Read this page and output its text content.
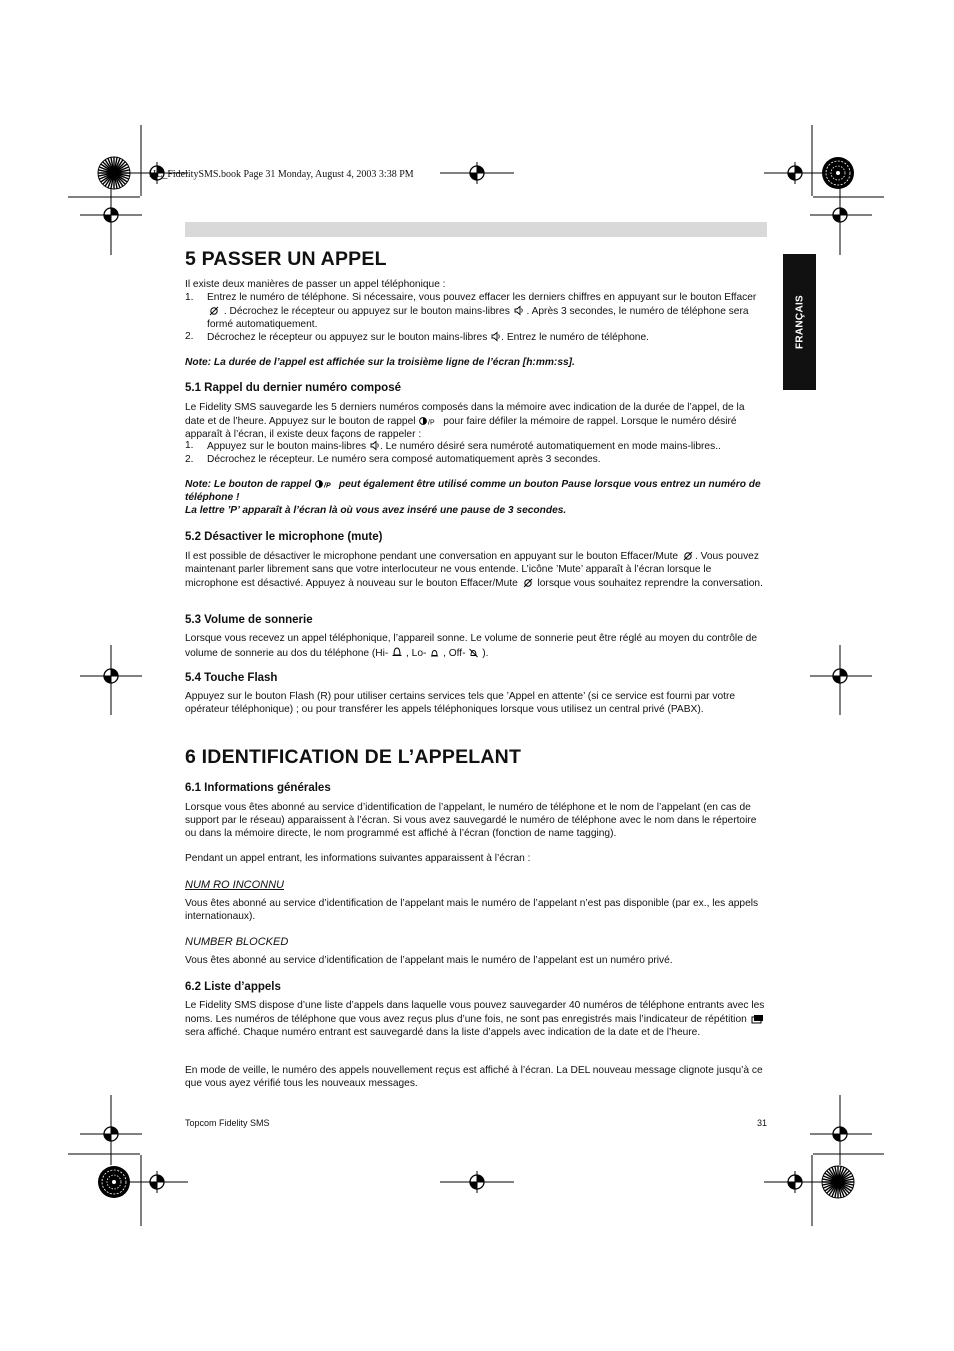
HL_FidelitySMS.book Page 31 Monday, August 4, 2003 3:38 PM
FRANÇAIS
5 PASSER UN APPEL
Il existe deux manières de passer un appel téléphonique :
1. Entrez le numéro de téléphone. Si nécessaire, vous pouvez effacer les derniers chiffres en appuyant sur le bouton Effacer  . Décrochez le récepteur ou appuyez sur le bouton mains-libres . Après 3 secondes, le numéro de téléphone sera formé automatiquement.
2. Décrochez le récepteur ou appuyez sur le bouton mains-libres . Entrez le numéro de téléphone.
Note: La durée de l’appel est affichée sur la troisième ligne de l’écran [h:mm:ss].
5.1 Rappel du dernier numéro composé
Le Fidelity SMS sauvegarde les 5 derniers numéros composés dans la mémoire avec indication de la durée de l’appel, de la date et de l’heure. Appuyez sur le bouton de rappel /P pour faire défiler la mémoire de rappel. Lorsque le numéro désiré apparaît à l’écran, il existe deux façons de rappeler :
1. Appuyez sur le bouton mains-libres . Le numéro désiré sera numéroté automatiquement en mode mains-libres..
2. Décrochez le récepteur. Le numéro sera composé automatiquement après 3 secondes.
Note: Le bouton de rappel /P peut également être utilisé comme un bouton Pause lorsque vous entrez un numéro de téléphone !
La lettre ’P’ apparaît à l’écran là où vous avez inséré une pause de 3 secondes.
5.2 Désactiver le microphone (mute)
Il est possible de désactiver le microphone pendant une conversation en appuyant sur le bouton Effacer/Mute . Vous pouvez maintenant parler librement sans que votre interlocuteur ne vous entende. L’icône ’Mute’ apparaît à l’écran lorsque le microphone est désactivé. Appuyez à nouveau sur le bouton Effacer/Mute lorsque vous souhaitez reprendre la conversation.
5.3 Volume de sonnerie
Lorsque vous recevez un appel téléphonique, l’appareil sonne. Le volume de sonnerie peut être réglé au moyen du contrôle de volume de sonnerie au dos du téléphone (Hi- , Lo- , Off- ).
5.4 Touche Flash
Appuyez sur le bouton Flash (R) pour utiliser certains services tels que ’Appel en attente’ (si ce service est fourni par votre opérateur téléphonique) ; ou pour transférer les appels téléphoniques lorsque vous utilisez un central privé (PABX).
6 IDENTIFICATION DE L’APPELANT
6.1 Informations générales
Lorsque vous êtes abonné au service d’identification de l’appelant, le numéro de téléphone et le nom de l’appelant (en cas de support par le réseau) apparaissent à l’écran. Si vous avez sauvegardé le numéro de téléphone avec le nom dans le répertoire ou dans la mémoire directe, le nom programmé est affiché à l’écran (fonction de name tagging).
Pendant un appel entrant, les informations suivantes apparaissent à l’écran :
NUM RO INCONNU
Vous êtes abonné au service d’identification de l’appelant mais le numéro de l’appelant n’est pas disponible (par ex., les appels internationaux).
NUMBER BLOCKED
Vous êtes abonné au service d’identification de l’appelant mais le numéro de l’appelant est un numéro privé.
6.2 Liste d’appels
Le Fidelity SMS dispose d’une liste d’appels dans laquelle vous pouvez sauvegarder 40 numéros de téléphone entrants avec les noms. Les numéros de téléphone que vous avez reçus plus d’une fois, ne sont pas enregistrés mais l’indicateur de répétition  sera affiché. Chaque numéro entrant est sauvegardé dans la liste d’appels avec indication de la date et de l’heure.
En mode de veille, le numéro des appels nouvellement reçus est affiché à l’écran. La DEL nouveau message clignote jusqu’à ce que vous ayez vérifié tous les nouveaux messages.
Topcom Fidelity SMS	31
